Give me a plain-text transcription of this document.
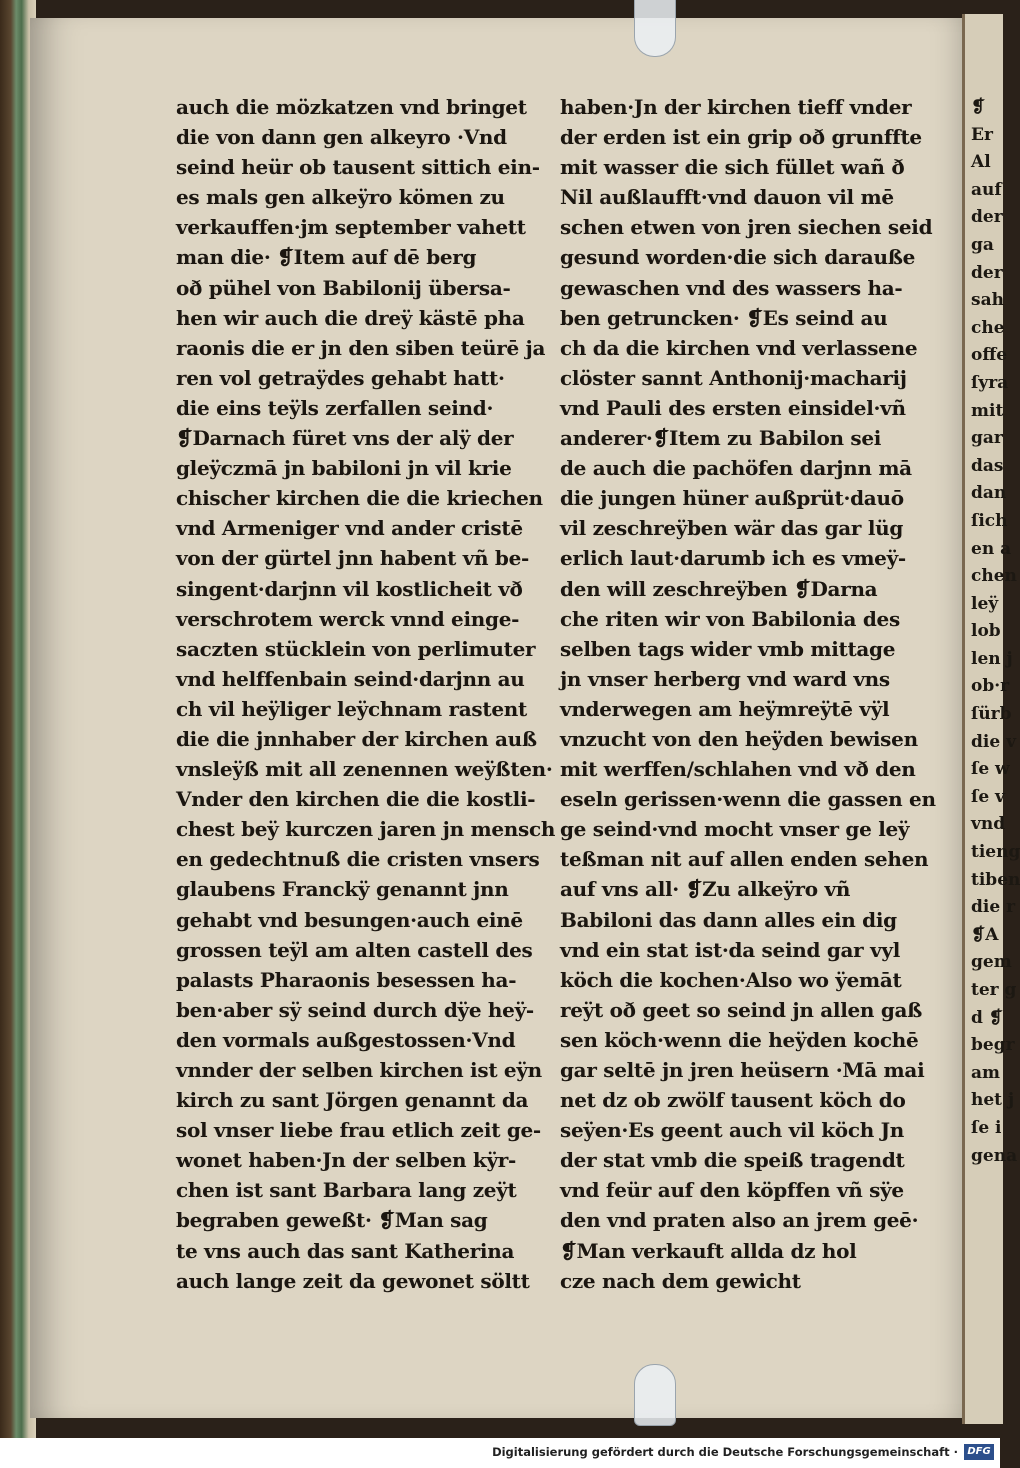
❡
Er
Al
auf
der
ga
der
sah
che
offe
ſyra
mit
gar
das
dan
ſich
en a
chen
leÿ
lob
len j
ob·r
ſürb
die v
ſe w
ſe v
vnd
tieng
tiben
die r
❡A
gem
ter g
d ❡
begr
am
het j
ſe i
gena
auch die mözkatzen vnd bringet
die von dann gen alkeyro ·Vnd
seind heür ob tausent sittich ein-
es mals gen alkeÿro kömen zu
verkauffen·jm september vahett
man die· ❡Item auf dē berg
oð pühel von Babilonij übersa-
hen wir auch die dreÿ kästē pha
raonis die er jn den siben teürē ja
ren vol getraÿdes gehabt hatt·
die eins teÿls zerfallen seind·
❡Darnach füret vns der alÿ der
gleÿczmā jn babiloni jn vil krie
chischer kirchen die die kriechen
vnd Armeniger vnd ander cristē
von der gürtel jnn habent vñ be-
singent·darjnn vil kostlicheit vð
verschrotem werck vnnd einge-
saczten stücklein von perlimuter
vnd helffenbain seind·darjnn au
ch vil heÿliger leÿchnam rastent
die die jnnhaber der kirchen auß
vnsleÿß mit all zenennen weÿßten·
Vnder den kirchen die die kostli-
chest beÿ kurczen jaren jn mensch
en gedechtnuß die cristen vnsers
glaubens Franckÿ genannt jnn
gehabt vnd besungen·auch einē
grossen teÿl am alten castell des
palasts Pharaonis besessen ha-
ben·aber sÿ seind durch dÿe heÿ-
den vormals außgestossen·Vnd
vnnder der selben kirchen ist eÿn
kirch zu sant Jörgen genannt da
sol vnser liebe frau etlich zeit ge-
wonet haben·Jn der selben kÿr-
chen ist sant Barbara lang zeÿt
begraben geweßt· ❡Man sag
te vns auch das sant Katherina
auch lange zeit da gewonet söltt
haben·Jn der kirchen tieff vnder
der erden ist ein grip oð grunffte
mit wasser die sich füllet wañ ð
Nil außlaufft·vnd dauon vil mē
schen etwen von jren siechen seid
gesund worden·die sich darauße
gewaschen vnd des wassers ha-
ben getruncken· ❡Es seind au
ch da die kirchen vnd verlassene
clöster sannt Anthonij·macharij
vnd Pauli des ersten einsidel·vñ
anderer·❡Item zu Babilon sei
de auch die pachöfen darjnn mā
die jungen hüner außprüt·dauō
vil zeschreÿben wär das gar lüg
erlich laut·darumb ich es vmeÿ-
den will zeschreÿben ❡Darna
che riten wir von Babilonia des
selben tags wider vmb mittage
jn vnser herberg vnd ward vns
vnderwegen am heÿmreÿtē vÿl
vnzucht von den heÿden bewisen
mit werffen/schlahen vnd vð den
eseln gerissen·wenn die gassen en
ge seind·vnd mocht vnser ge leÿ
teßman nit auf allen enden sehen
auf vns all· ❡Zu alkeÿro vñ
Babiloni das dann alles ein dig
vnd ein stat ist·da seind gar vyl
köch die kochen·Also wo ÿemāt
reÿt oð geet so seind jn allen gaß
sen köch·wenn die heÿden kochē
gar seltē jn jren heüsern ·Mā mai
net dz ob zwölf tausent köch do
seÿen·Es geent auch vil köch Jn
der stat vmb die speiß tragendt
vnd feür auf den köpffen vñ sÿe
den vnd praten also an jrem geē·
❡Man verkauft allda dz hol
cze nach dem gewicht
Digitalisierung gefördert durch die Deutsche Forschungsgemeinschaft · DFG
